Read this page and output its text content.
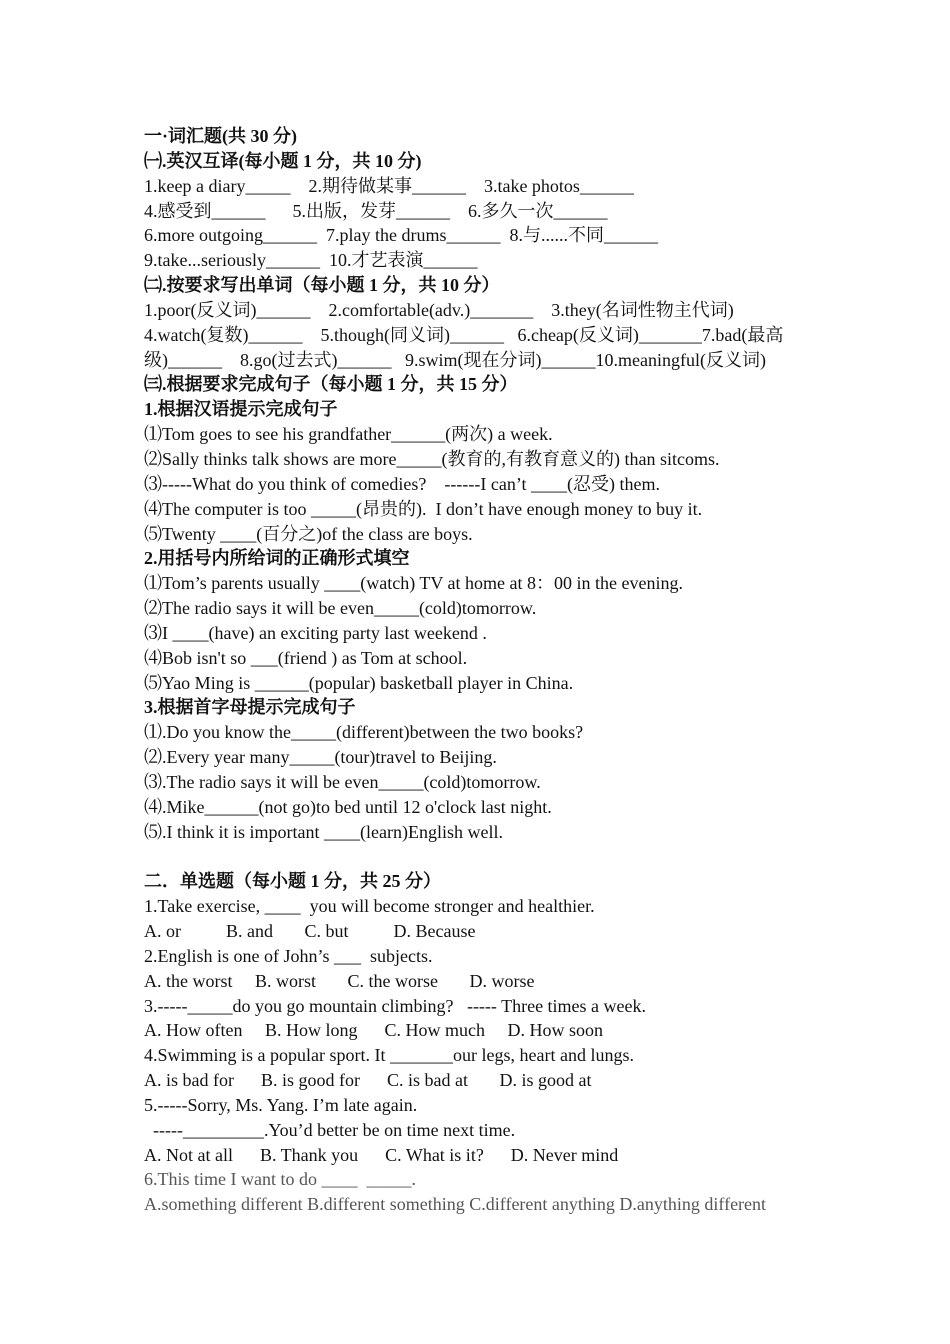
一·词汇题(共 30 分)
㈠.英汉互译(每小题 1 分，共 10 分)
1.keep a diary_____    2.期待做某事______    3.take photos______
4.感受到______      5.出版，发芽______    6.多久一次______
6.more outgoing______  7.play the drums______  8.与......不同______
9.take...seriously______  10.才艺表演______
㈡.按要求写出单词（每小题 1 分，共 10 分）
1.poor(反义词)______    2.comfortable(adv.)_______    3.they(名词性物主代词)
4.watch(复数)______    5.though(同义词)______   6.cheap(反义词)_______7.bad(最高
级)______    8.go(过去式)______   9.swim(现在分词)______10.meaningful(反义词)
㈢.根据要求完成句子（每小题 1 分，共 15 分）
1.根据汉语提示完成句子
⑴Tom goes to see his grandfather______(两次) a week.
⑵Sally thinks talk shows are more_____(教育的,有教育意义的) than sitcoms.
⑶-----What do you think of comedies?    ------I can’t ____(忍受) them.
⑷The computer is too _____(昂贵的).  I don’t have enough money to buy it.
⑸Twenty ____(百分之)of the class are boys.
2.用括号内所给词的正确形式填空
⑴Tom’s parents usually ____(watch) TV at home at 8：00 in the evening.
⑵The radio says it will be even_____(cold)tomorrow.
⑶I ____(have) an exciting party last weekend .
⑷Bob isn't so ___(friend ) as Tom at school.
⑸Yao Ming is ______(popular) basketball player in China.
3.根据首字母提示完成句子
⑴.Do you know the_____(different)between the two books?
⑵.Every year many_____(tour)travel to Beijing.
⑶.The radio says it will be even_____(cold)tomorrow.
⑷.Mike______(not go)to bed until 12 o'clock last night.
⑸.I think it is important ____(learn)English well.
二．单选题（每小题 1 分，共 25 分）
1.Take exercise, ____  you will become stronger and healthier.
A. or          B. and       C. but          D. Because
2.English is one of John’s ___  subjects.
A. the worst     B. worst       C. the worse       D. worse
3.-----_____do you go mountain climbing?   ----- Three times a week.
A. How often     B. How long      C. How much     D. How soon
4.Swimming is a popular sport. It _______our legs, heart and lungs.
A. is bad for      B. is good for      C. is bad at       D. is good at
5.-----Sorry, Ms. Yang. I’m late again.
-----_________.You’d better be on time next time.
A. Not at all      B. Thank you      C. What is it?      D. Never mind
6.This time I want to do ____  _____.
A.something different B.different something C.different anything D.anything different
